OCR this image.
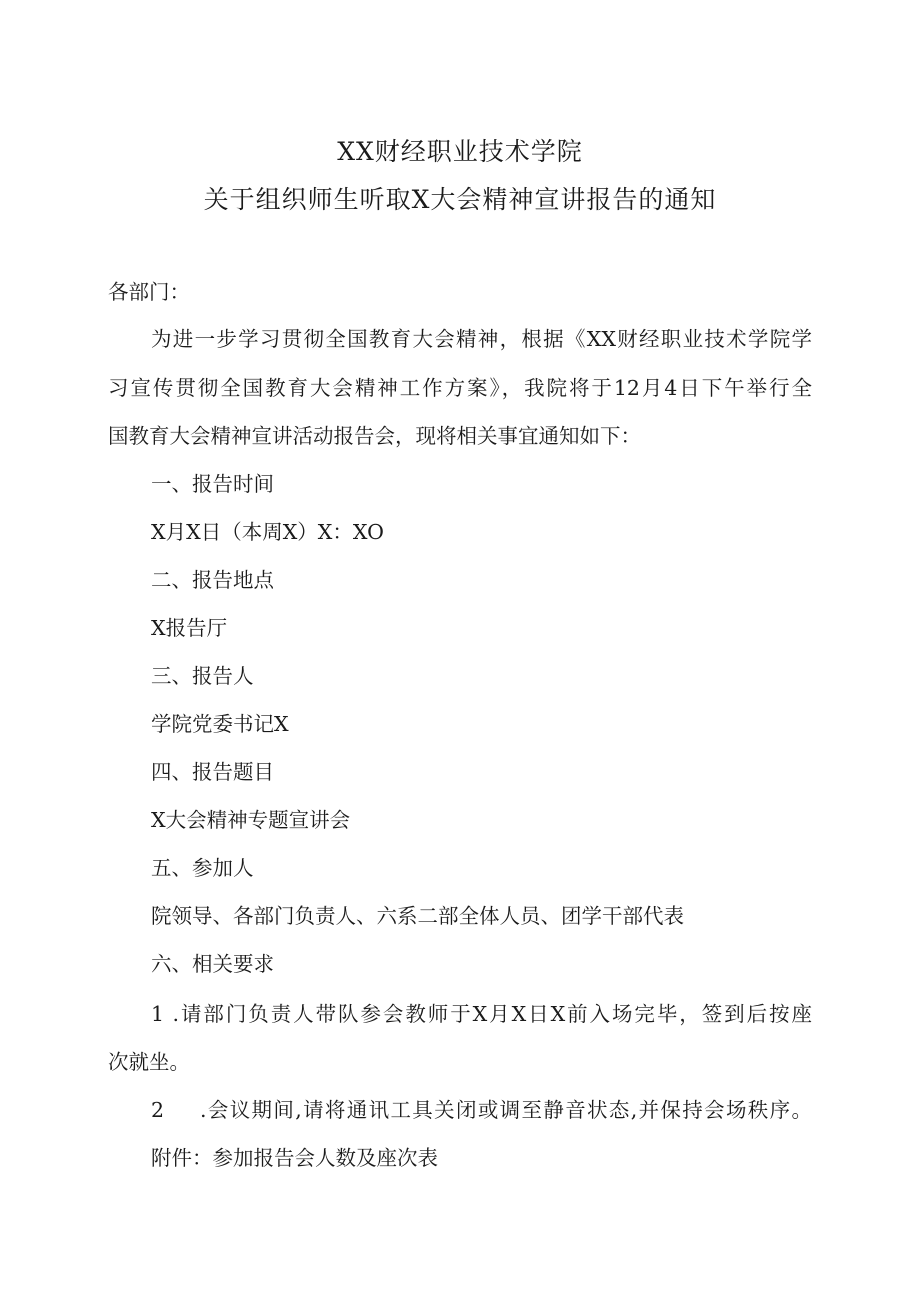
XX财经职业技术学院
关于组织师生听取X大会精神宣讲报告的通知
各部门：
为进一步学习贯彻全国教育大会精神，根据《XX财经职业技术学院学
习宣传贯彻全国教育大会精神工作方案》，我院将于12月4日下午举行全
国教育大会精神宣讲活动报告会，现将相关事宜通知如下：
一、报告时间
X月X日（本周X）X：XO
二、报告地点
X报告厅
三、报告人
学院党委书记X
四、报告题目
X大会精神专题宣讲会
五、参加人
院领导、各部门负责人、六系二部全体人员、团学干部代表
六、相关要求
1 .请部门负责人带队参会教师于X月X日X前入场完毕，签到后按座
次就坐。
2 .会议期间,请将通讯工具关闭或调至静音状态,并保持会场秩序。
附件：参加报告会人数及座次表
